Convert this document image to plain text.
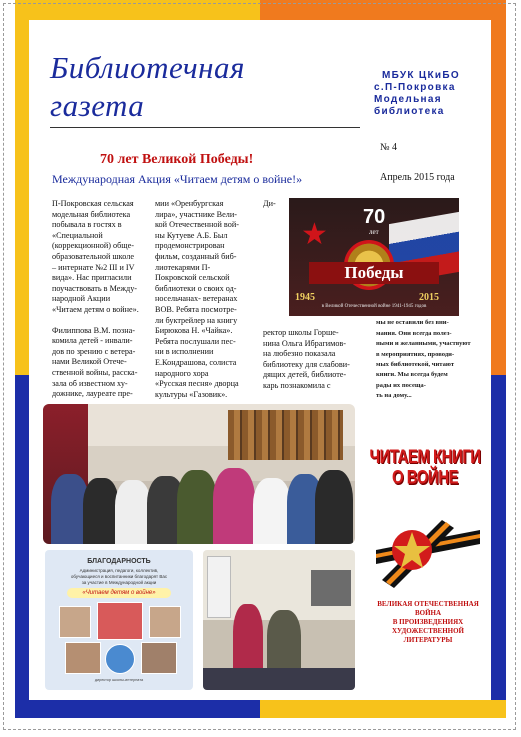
Библиотечная
газета
МБУК ЦКиБО
с.П-Покровка
Модельная
библиотека
№ 4
Апрель 2015 года
70 лет Великой Победы!
Международная Акция «Читаем детям о войне!»

П-Покровская сельская
модельная библиотека
побывала в гостях в
«Специальной
(коррекционной) обще-
образовательной школе
– интернате №2 III и IV
вида». Нас пригласили
поучаствовать в Между-
народной Акции
«Читаем детям о войне».

Филиппова В.М. позна-
комила детей - инвали-
дов по зрению с ветера-
нами Великой Отече-
ственной войны, расска-
зала об известном ху-
дожнике, лауреате пре-

мии «Оренбургская
лира», участнике Вели-
кой Отечественной вой-
ны Кутуеве А.Б. Был
продемонстрирован
фильм, созданный биб-
лиотекарями П-
Покровской сельской
библиотеки о своих од-
носельчанах- ветеранах
ВОВ. Ребята посмотре-
ли буктрейлер на книгу
Бирюкова Н. «Чайка».
Ребята послушали пес-
ни в исполнении
Е.Кондрашова, солиста
народного хора
«Русская песня» дворца
культуры «Газовик».

Ди-

ректор школы Горше-
нина Ольга Ибрагимов-
на любезно показала
библиотеку для слабови-
дящих детей, библиоте-
карь познакомила с

мы не оставили без вни-
мания. Они всегда полез-
ными и желанными, участвуют
в мероприятиях, проводи-
мых библиотекой, читают
книги. Мы всегда будем
рады их посеща-
ть на дому...
★
70
лет
Победы
1945	2015
в Великой Отечественной войне 1941-1945 годов
БЛАГОДАРНОСТЬ
Администрация, педагоги, коллектив,
обучающиеся и воспитанники благодарят Вас
за участие в Международной акции
«Читаем детям о войне»
директор школы-интерната
ЧИТАЕМ КНИГИ О ВОЙНЕ
ВЕЛИКАЯ ОТЕЧЕСТВЕННАЯ ВОЙНА
В ПРОИЗВЕДЕНИЯХ
ХУДОЖЕСТВЕННОЙ ЛИТЕРАТУРЫ
